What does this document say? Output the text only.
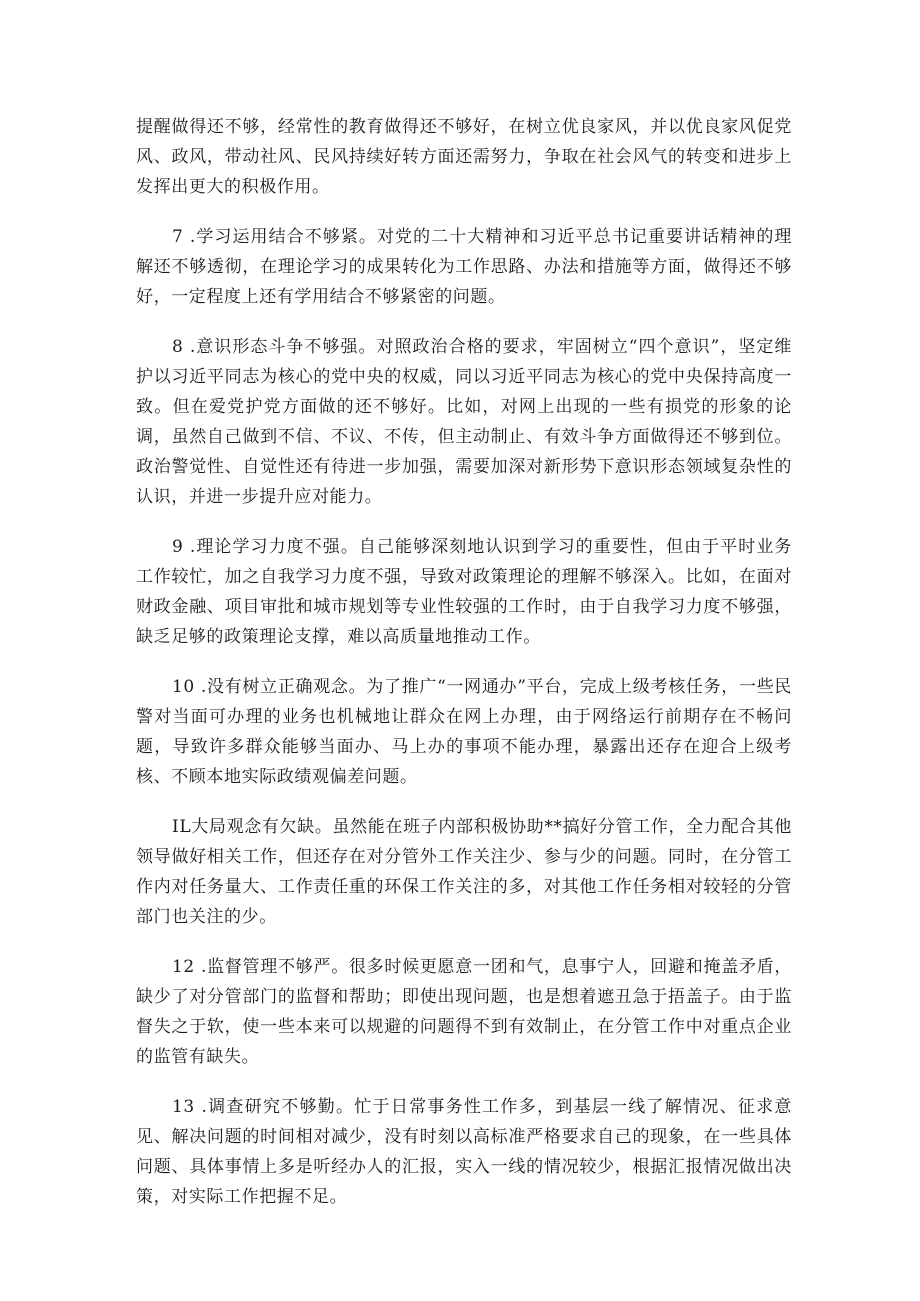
提醒做得还不够，经常性的教育做得还不够好，在树立优良家风，并以优良家风促党风、政风，带动社风、民风持续好转方面还需努力，争取在社会风气的转变和进步上发挥出更大的积极作用。

7 .学习运用结合不够紧。对党的二十大精神和习近平总书记重要讲话精神的理解还不够透彻，在理论学习的成果转化为工作思路、办法和措施等方面，做得还不够好，一定程度上还有学用结合不够紧密的问题。

8 .意识形态斗争不够强。对照政治合格的要求，牢固树立“四个意识”，坚定维护以习近平同志为核心的党中央的权威，同以习近平同志为核心的党中央保持高度一致。但在爱党护党方面做的还不够好。比如，对网上出现的一些有损党的形象的论调，虽然自己做到不信、不议、不传，但主动制止、有效斗争方面做得还不够到位。政治警觉性、自觉性还有待进一步加强，需要加深对新形势下意识形态领域复杂性的认识，并进一步提升应对能力。

9 .理论学习力度不强。自己能够深刻地认识到学习的重要性，但由于平时业务工作较忙，加之自我学习力度不强，导致对政策理论的理解不够深入。比如，在面对财政金融、项目审批和城市规划等专业性较强的工作时，由于自我学习力度不够强，缺乏足够的政策理论支撑，难以高质量地推动工作。

10 .没有树立正确观念。为了推广“一网通办”平台，完成上级考核任务，一些民警对当面可办理的业务也机械地让群众在网上办理，由于网络运行前期存在不畅问题，导致许多群众能够当面办、马上办的事项不能办理，暴露出还存在迎合上级考核、不顾本地实际政绩观偏差问题。

IL大局观念有欠缺。虽然能在班子内部积极协助**搞好分管工作，全力配合其他领导做好相关工作，但还存在对分管外工作关注少、参与少的问题。同时，在分管工作内对任务量大、工作责任重的环保工作关注的多，对其他工作任务相对较轻的分管部门也关注的少。

12 .监督管理不够严。很多时候更愿意一团和气，息事宁人，回避和掩盖矛盾，缺少了对分管部门的监督和帮助；即使出现问题，也是想着遮丑急于捂盖子。由于监督失之于软，使一些本来可以规避的问题得不到有效制止，在分管工作中对重点企业的监管有缺失。

13 .调查研究不够勤。忙于日常事务性工作多，到基层一线了解情况、征求意见、解决问题的时间相对减少，没有时刻以高标准严格要求自己的现象，在一些具体问题、具体事情上多是听经办人的汇报，实入一线的情况较少，根据汇报情况做出决策，对实际工作把握不足。
